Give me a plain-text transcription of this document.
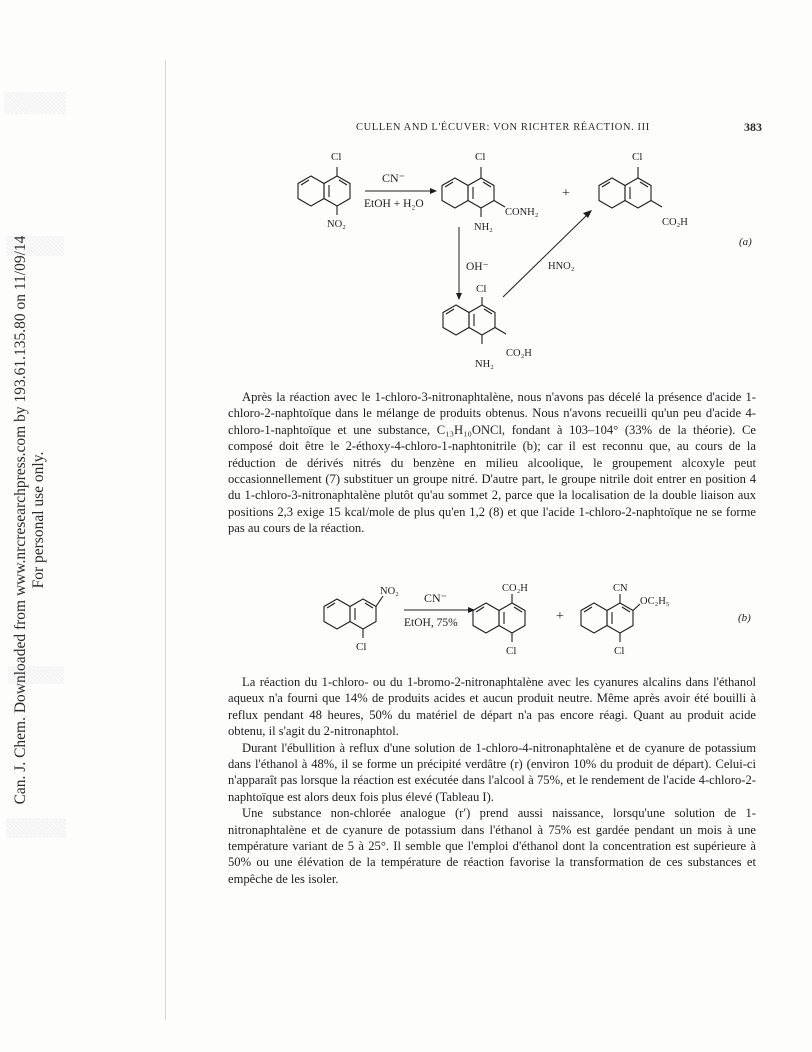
Can. J. Chem. Downloaded from www.nrcresearchpress.com by 193.61.135.80 on 11/09/14 For personal use only.
CULLEN AND L'ÉCUVER: VON RICHTER RÉACTION. III	383
Cl
NO₂
CN⁻
EtOH + H₂O
Cl
CONH₂
NH₂
+
Cl
CO₂H
(a)
OH⁻	HNO₂
Cl
CO₂H
NH₂

Après la réaction avec le 1-chloro-3-nitronaphtalène, nous n'avons pas décelé la présence d'acide 1-chloro-2-naphtoïque dans le mélange de produits obtenus. Nous n'avons recueilli qu'un peu d'acide 4-chloro-1-naphtoïque et une substance, C₁₃H₁₀ONCl, fondant à 103–104° (33% de la théorie). Ce composé doit être le 2-éthoxy-4-chloro-1-naphtonitrile (b); car il est reconnu que, au cours de la réduction de dérivés nitrés du benzène en milieu alcoolique, le groupement alcoxyle peut occasionnellement (7) substituer un groupe nitré. D'autre part, le groupe nitrile doit entrer en position 4 du 1-chloro-3-nitronaphtalène plutôt qu'au sommet 2, parce que la localisation de la double liaison aux positions 2,3 exige 15 kcal/mole de plus qu'en 1,2 (8) et que l'acide 1-chloro-2-naphtoïque ne se forme pas au cours de la réaction.

NO₂
Cl
CN⁻
EtOH, 75%
CO₂H
Cl
+
CN
OC₂H₅
Cl
(b)

La réaction du 1-chloro- ou du 1-bromo-2-nitronaphtalène avec les cyanures alcalins dans l'éthanol aqueux n'a fourni que 14% de produits acides et aucun produit neutre. Même après avoir été bouilli à reflux pendant 48 heures, 50% du matériel de départ n'a pas encore réagi. Quant au produit acide obtenu, il s'agit du 2-nitronaphtol.

Durant l'ébullition à reflux d'une solution de 1-chloro-4-nitronaphtalène et de cyanure de potassium dans l'éthanol à 48%, il se forme un précipité verdâtre (r) (environ 10% du produit de départ). Celui-ci n'apparaît pas lorsque la réaction est exécutée dans l'alcool à 75%, et le rendement de l'acide 4-chloro-2-naphtoïque est alors deux fois plus élevé (Tableau I).

Une substance non-chlorée analogue (r′) prend aussi naissance, lorsqu'une solution de 1-nitronaphtalène et de cyanure de potassium dans l'éthanol à 75% est gardée pendant un mois à une température variant de 5 à 25°. Il semble que l'emploi d'éthanol dont la concentration est supérieure à 50% ou une élévation de la température de réaction favorise la transformation de ces substances et empêche de les isoler.
